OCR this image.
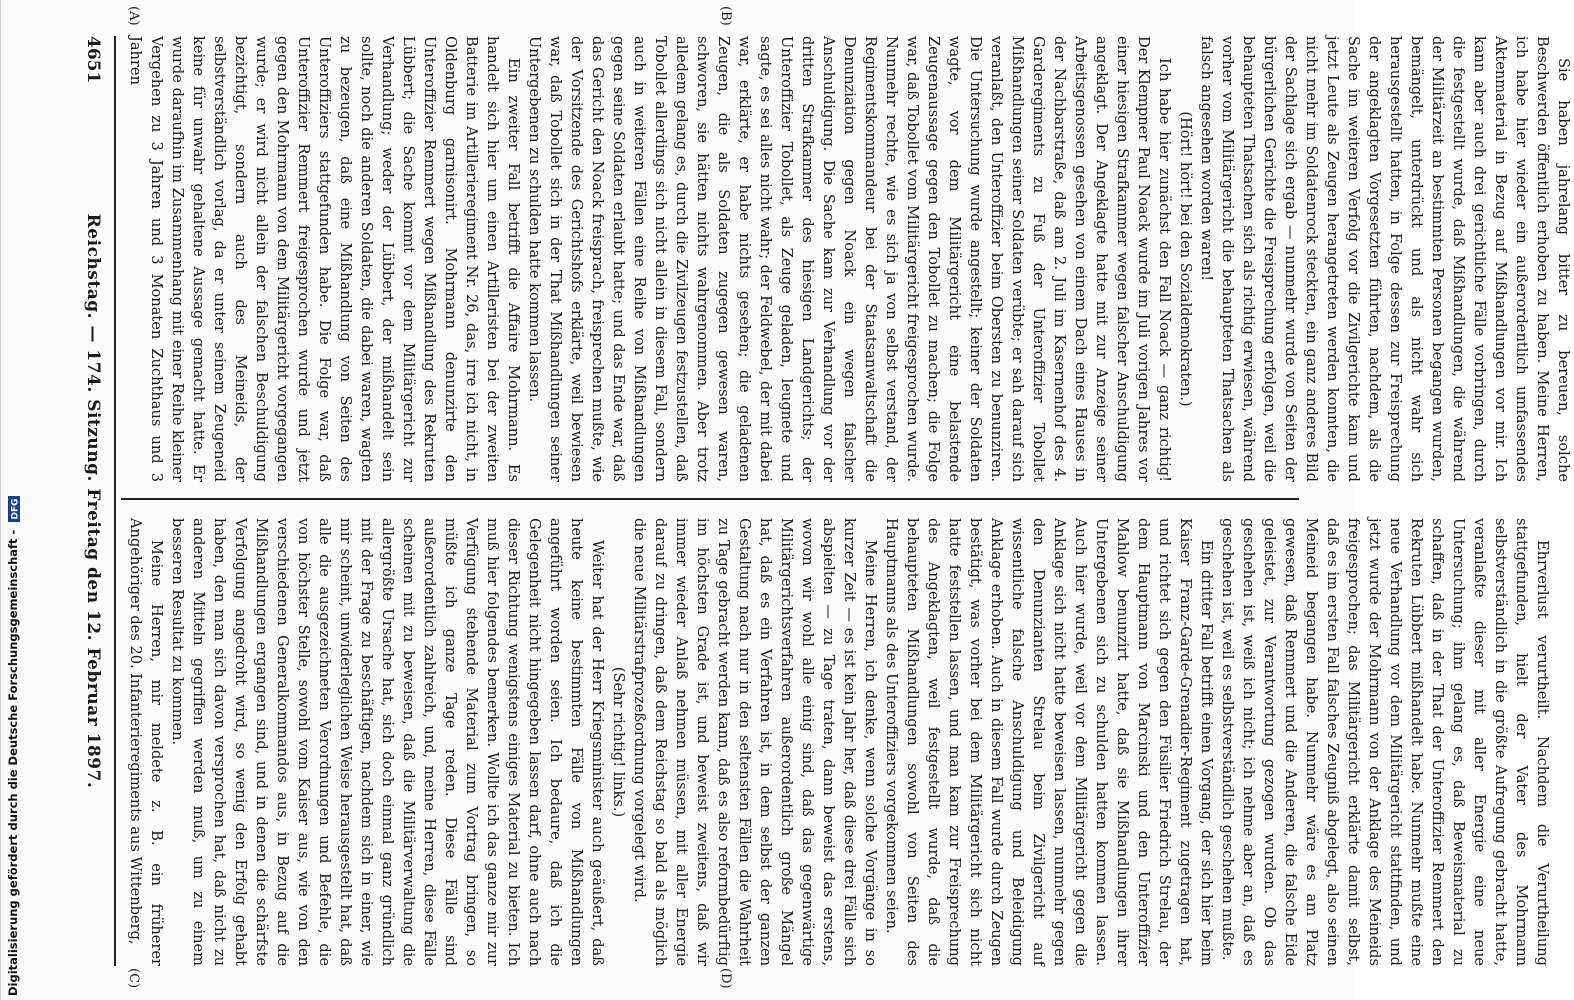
4651
Reichstag. — 174. Sitzung. Freitag den 12. Februar 1897.
(A)	(B)
(C)	(D)

Sie haben jahrelang bitter zu bereuen, solche Beschwerden öffentlich erhoben zu haben. Meine Herren, ich habe hier wieder ein außerordentlich umfassendes Aktenmaterial in Bezug auf Mißhandlungen vor mir. Ich kann aber auch drei gerichtliche Fälle vorbringen, durch die festgestellt wurde, daß Mißhandlungen, die während der Militärzeit an bestimmten Personen begangen wurden, bemängelt, unterdrückt und als nicht wahr sich herausgestellt hatten, in Folge dessen zur Freisprechung der angeklagten Vorgesetzten führten, nachdem, als die Sache im weiteren Verfolg vor die Zivilgerichte kam und jetzt Leute als Zeugen herangetreten werden konnten, die nicht mehr im Soldatenrock steckten, ein ganz anderes Bild der Sachlage sich ergab — nunmehr wurde von Seiten der bürgerlichen Gerichte die Freisprechung erfolgen, weil die behaupteten Thatsachen sich als richtig erwiesen, während vorher vom Militärgericht die behaupteten Thatsachen als falsch angesehen worden waren!

(Hört! hört! bei den Sozialdemokraten.)

Ich habe hier zunächst den Fall Noack — ganz richtig! Der Klempner Paul Noack wurde im Juli vorigen Jahres vor einer hiesigen Strafkammer wegen falscher Anschuldigung angeklagt. Der Angeklagte hatte mit zur Anzeige seiner Arbeitsgenossen gesehen von einem Dach eines Hauses in der Nachbarstraße, daß am 2. Juli im Kasernenhof des 4. Garderegiments zu Fuß der Unteroffizier Tobollet Mißhandlungen seiner Soldaten verübte; er sah darauf sich veranlaßt, den Unteroffizier beim Obersten zu benunziren. Die Untersuchung wurde angestellt; keiner der Soldaten wagte, vor dem Militärgericht eine belastende Zeugenaussage gegen den Tobollet zu machen; die Folge war, daß Tobollet vom Militärgericht freigesprochen wurde. Nunmehr rechte, wie es sich ja von selbst verstand, der Regimentskommandeur bei der Staatsanwaltschaft die Denunziation gegen Noack ein wegen falscher Anschuldigung. Die Sache kam zur Verhandlung vor der dritten Strafkammer des hiesigen Landgerichts; der Unteroffizier Tobollet, als Zeuge geladen, leugnete und sagte, es sei alles nicht wahr; der Feldwebel, der mit dabei war, erklärte, er habe nichts gesehen; die geladenen Zeugen, die als Soldaten zugegen gewesen waren, schworen, sie hätten nichts wahrgenommen. Aber trotz alledem gelang es, durch die Zivilzeugen festzustellen, daß Tobollet allerdings sich nicht allein in diesem Fall, sondern auch in weiteren Fällen eine Reihe von Mißhandlungen gegen seine Soldaten erlaubt hatte; und das Ende war, daß das Gericht den Noack freisprach, freisprechen mußte, wie der Vorsitzende des Gerichtshofs erklärte, weil bewiesen war, daß Tobollet sich in der That Mißhandlungen seiner Untergebenen zu schulden hatte kommen lassen.

Ein zweiter Fall betrifft die Affaire Mohrmann. Es handelt sich hier um einen Artilleristen bei der zweiten Batterie im Artillerieregiment Nr. 26, das, irre ich nicht, in Oldenburg garnisonirt. Mohrmann denunzirte den Unteroffizier Remmert wegen Mißhandlung des Rekruten Lübbert; die Sache kommt vor dem Militärgericht zur Verhandlung; weder der Lübbert, der mißhandelt sein sollte, noch die anderen Soldaten, die dabei waren, wagten zu bezeugen, daß eine Mißhandlung von Seiten des Unteroffiziers stattgefunden habe. Die Folge war, daß Unteroffizier Remmert freigesprochen wurde und jetzt gegen den Mohrmann von dem Militärgericht vorgegangen wurde; er wird nicht allein der falschen Beschuldigung bezichtigt, sondern auch des Meineids, der selbstverständlich vorlag, da er unter seinem Zeugeneid keine für unwahr gehaltene Aussage gemacht hatte. Er wurde daraufhin im Zusammenhang mit einer Reihe kleiner Vergehen zu 3 Jahren und 3 Monaten Zuchthaus und 3 Jahren

Ehrverlust verurtheilt. Nachdem die Verurtheilung stattgefunden, hielt der Vater des Mohrmann selbstverständlich in die größte Aufregung gebracht hatte, veranlaßte dieser mit aller Energie eine neue Untersuchung; ihm gelang es, daß Beweismaterial zu schaffen, daß in der That der Unteroffizier Remmert den Rekruten Lübbert mißhandelt habe. Nunmehr mußte eine neue Verhandlung vor dem Militärgericht stattfinden, und jetzt wurde der Mohrmann von der Anklage des Meineids freigesprochen; das Militärgericht erklärte damit selbst, daß es im ersten Fall falsches Zeugniß abgelegt, also seinen Meineid begangen habe. Nunmehr wäre es am Platz gewesen, daß Remmert und die Anderen, die falsche Eide geleistet, zur Verantwortung gezogen wurden. Ob das geschehen ist, weiß ich nicht; ich nehme aber an, daß es geschehen ist, weil es selbstverständlich geschehen mußte.

Ein dritter Fall betrifft einen Vorgang, der sich hier beim Kaiser Franz-Garde-Grenadier-Regiment zugetragen hat, und richtet sich gegen den Füsilier Friedrich Strelau, der dem Hauptmann von Marcinski und den Unteroffizier Mahlow benunzirt hatte, daß sie Mißhandlungen ihrer Untergebenen sich zu schulden hatten kommen lassen. Auch hier wurde, weil vor dem Militärgericht gegen die Anklage sich nicht hatte beweisen lassen, nunmehr gegen den Denunzianten Strelau beim Zivilgericht auf wissentliche falsche Anschuldigung und Beleidigung Anklage erhoben. Auch in diesem Fall wurde durch Zeugen bestätigt, was vorher bei dem Militärgericht sich nicht hatte feststellen lassen, und man kam zur Freisprechung des Angeklagten, weil festgestellt wurde, daß die behaupteten Mißhandlungen sowohl von Seiten des Hauptmanns als des Unteroffiziers vorgekommen seien.

Meine Herren, ich denke, wenn solche Vorgänge in so kurzer Zeit — es ist kein Jahr her, daß diese drei Fälle sich abspielten — zu Tage traten, dann beweist das erstens, wovon wir wohl alle einig sind, daß das gegenwärtige Militärgerichtsverfahren außerordentlich große Mängel hat, daß es ein Verfahren ist, in dem selbst der ganzen Gestaltung nach nur in den seltensten Fällen die Wahrheit zu Tage gebracht werden kann, daß es also reformbedürftig im höchsten Grade ist, und beweist zweitens, daß wir immer wieder Anlaß nehmen müssen, mit aller Energie darauf zu dringen, daß dem Reichstag so bald als möglich die neue Militärstrafprozeßordnung vorgelegt wird.

(Sehr richtig! links.)

Weiter hat der Herr Kriegsminister auch geäußert, daß heute keine bestimmten Fälle von Mißhandlungen angeführt worden seien. Ich bedaure, daß ich die Gelegenheit nicht hingegeben lassen darf, ohne auch nach dieser Richtung wenigstens einiges Material zu bieten. Ich muß hier folgendes bemerken. Wollte ich das ganze mir zur Verfügung stehende Material zum Vortrag bringen, so müßte ich ganze Tage reden. Diese Fälle sind außerordentlich zahlreich, und, meine Herren, diese Fälle scheinen mit zu beweisen, daß die Militärverwaltung die allergrößte Ursache hat, sich doch einmal ganz gründlich mit der Frage zu beschäftigen, nachdem sich in einer, wie mir scheint, unwiderleglichen Weise herausgestellt hat, daß alle die ausgezeichneten Verordnungen und Befehle, die von höchster Stelle, sowohl vom Kaiser aus, wie von den verschiedenen Generalkommandos aus, in Bezug auf die Mißhandlungen ergangen sind, und in denen die schärfste Verfolgung angedroht wird, so wenig den Erfolg gehabt haben, den man sich davon versprochen hat, daß nicht zu anderen Mitteln gegriffen werden muß, um zu einem besseren Resultat zu kommen.

Meine Herren, mir meldete z. B. ein früherer Angehöriger des 20. Infanterieregiments aus Wittenberg,

Digitalisierung gefördert durch die Deutsche Forschungsgemeinschaft -
DFG
